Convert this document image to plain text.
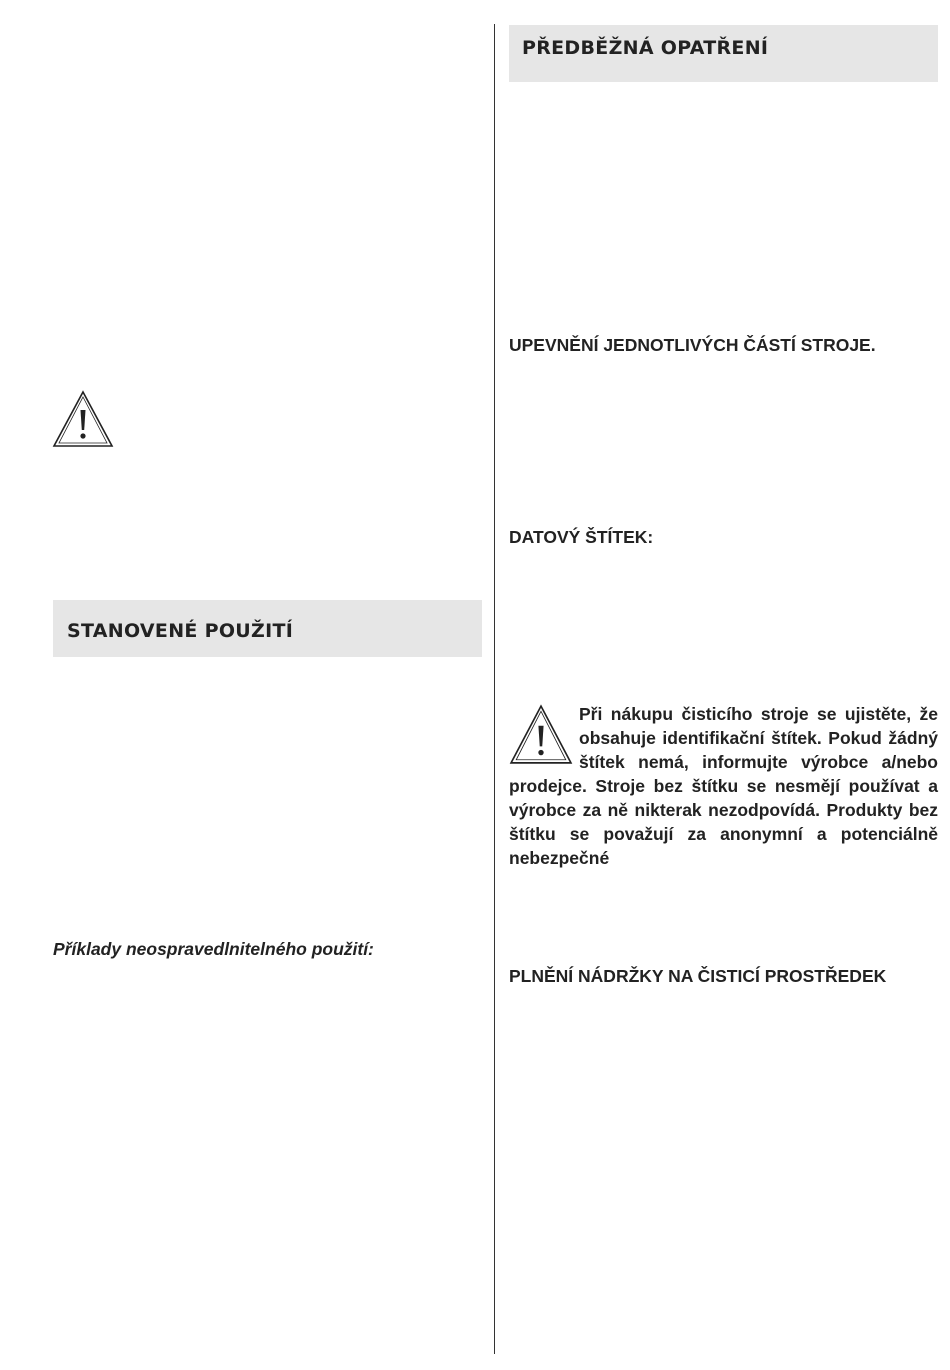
STANOVENÉ POUŽITÍ

Příklady neospravedlnitelného použití:

PŘEDBĚŽNÁ OPATŘENÍ

UPEVNĚNÍ JEDNOTLIVÝCH ČÁSTÍ STROJE.

DATOVÝ ŠTÍTEK:

Při nákupu čisticího stroje se ujistěte, že obsahuje identifikační štítek. Pokud žádný štítek nemá, informujte výrobce a/nebo prodejce. Stroje bez štítku se nesmějí používat a výrobce za ně nikterak nezodpovídá. Produkty bez štítku se považují za anonymní a potenciálně nebezpečné

PLNĚNÍ NÁDRŽKY NA ČISTICÍ PROSTŘEDEK
